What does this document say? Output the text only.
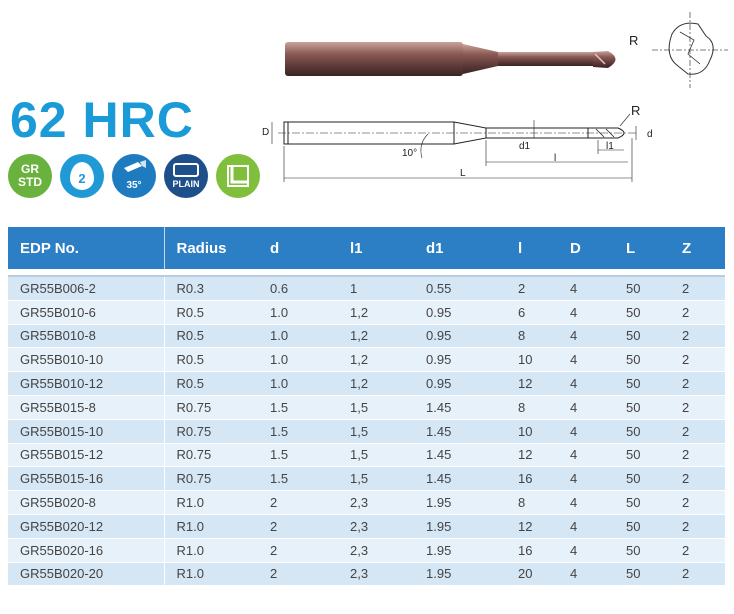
62 HRC
GR
STD	2	35°	PLAIN
R
D
10°
d1	l1
d
l
L
R
EDP No.	Radius	d	l1	d1	l	D	L	Z

GR55B006-2	R0.3	0.6	1	0.55	2	4	50	2
GR55B010-6	R0.5	1.0	1,2	0.95	6	4	50	2
GR55B010-8	R0.5	1.0	1,2	0.95	8	4	50	2
GR55B010-10	R0.5	1.0	1,2	0.95	10	4	50	2
GR55B010-12	R0.5	1.0	1,2	0.95	12	4	50	2
GR55B015-8	R0.75	1.5	1,5	1.45	8	4	50	2
GR55B015-10	R0.75	1.5	1,5	1.45	10	4	50	2
GR55B015-12	R0.75	1.5	1,5	1.45	12	4	50	2
GR55B015-16	R0.75	1.5	1,5	1.45	16	4	50	2
GR55B020-8	R1.0	2	2,3	1.95	8	4	50	2
GR55B020-12	R1.0	2	2,3	1.95	12	4	50	2
GR55B020-16	R1.0	2	2,3	1.95	16	4	50	2
GR55B020-20	R1.0	2	2,3	1.95	20	4	50	2
